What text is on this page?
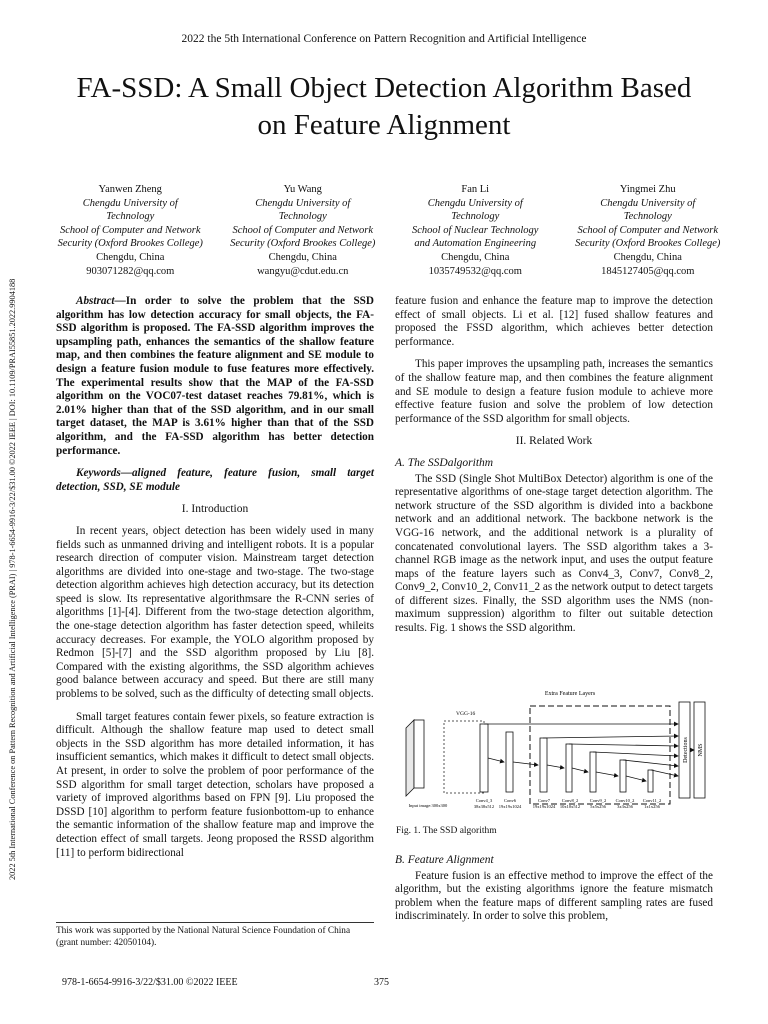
2022 the 5th International Conference on Pattern Recognition and Artificial Intelligence
FA-SSD: A Small Object Detection Algorithm Based
on Feature Alignment
Yanwen Zheng
Chengdu University of
Technology
School of Computer and Network
Security (Oxford Brookes College)
Chengdu, China
903071282@qq.com
Yu Wang
Chengdu University of
Technology
School of Computer and Network
Security (Oxford Brookes College)
Chengdu, China
wangyu@cdut.edu.cn
Fan Li
Chengdu University of
Technology
School of Nuclear Technology
and Automation Engineering
Chengdu, China
1035749532@qq.com
Yingmei Zhu
Chengdu University of
Technology
School of Computer and Network
Security (Oxford Brookes College)
Chengdu, China
1845127405@qq.com
2022 5th International Conference on Pattern Recognition and Artificial Intelligence (PRAI) | 978-1-6654-9916-3/22/$31.00 ©2022 IEEE | DOI: 10.1109/PRAI55851.2022.9904188	Abstract—In order to solve the problem that the SSD algorithm has low detection accuracy for small objects, the FA-SSD algorithm is proposed. The FA-SSD algorithm improves the upsampling path, enhances the semantics of the shallow feature map, and then combines the feature alignment and SE module to design a feature fusion module to fuse features more effectively. The experimental results show that the MAP of the FA-SSD algorithm on the VOC07-test dataset reaches 79.81%, which is 2.01% higher than that of the SSD algorithm, and in our small target dataset, the MAP is 3.61% higher than that of the SSD algorithm, and the FA-SSD algorithm has better detection performance.

Keywords—aligned feature, feature fusion, small target detection, SSD, SE module

I. Introduction

In recent years, object detection has been widely used in many fields such as unmanned driving and intelligent robots. It is a popular research direction of computer vision. Mainstream target detection algorithms are divided into one-stage and two-stage. The two-stage detection algorithm achieves high detection accuracy, but its detection speed is slow. Its representative algorithmsare the R-CNN series of algorithms [1]-[4]. Different from the two-stage detection algorithm, the one-stage detection algorithm has faster detection speed, whileits accuracy decreases. For example, the YOLO algorithm proposed by Redmon [5]-[7] and the SSD algorithm proposed by Liu [8]. Compared with the existing algorithms, the SSD algorithm achieves good balance between accuracy and speed. But there are still many problems to be solved, such as the difficulty of detecting small objects.

Small target features contain fewer pixels, so feature extraction is difficult. Although the shallow feature map used to detect small objects in the SSD algorithm has more detailed information, it has insufficient semantics, which makes it difficult to detect small objects. At present, in order to solve the problem of poor performance of the SSD algorithm for small target detection, scholars have proposed a variety of improved algorithms based on FPN [9]. Liu proposed the DSSD [10] algorithm to perform feature fusionbottom-up to enhance the semantic information of the shallow feature map and improve the detection effect of small targets. Jeong proposed the RSSD algorithm [11] to perform bidirectional

This work was supported by the National Natural Science Foundation of China (grant number: 42050104).

feature fusion and enhance the feature map to improve the detection effect of small objects. Li et al. [12] fused shallow features and proposed the FSSD algorithm, which achieves better detection performance.

This paper improves the upsampling path, increases the semantics of the shallow feature map, and then combines the feature alignment and SE module to design a feature fusion module to achieve more effective feature fusion and solve the problem of low detection performance of the SSD algorithm for small objects.

II. Related Work
A. The SSDalgorithm

The SSD (Single Shot MultiBox Detector) algorithm is one of the representative algorithms of one-stage target detection algorithm. The network structure of the SSD algorithm is divided into a backbone network and an additional network. The backbone network is the VGG-16 network, and the additional network is a plurality of concatenated convolutional layers. The SSD algorithm takes a 3-channel RGB image as the network input, and uses the output feature maps of the feature layers such as Conv4_3, Conv7, Conv8_2, Conv9_2, Conv10_2, Conv11_2 as the network output to detect targets of different sizes. Finally, the SSD algorithm uses the NMS (non-maximum suppression) algorithm to filter out suitable detection results. Fig. 1 shows the SSD algorithm.

Extra Feature Layers
VGG-16
Detections NMS
Input image:300x300
Conv4_3
38x38x512
Conv6
19x19x1024
Conv7
19x19x1024
Conv8_2
10x10x512
Conv9_2
5x5x256
Conv10_2
3x3x256
Conv11_2
1x1x256
Fig. 1. The SSD algorithm
B. Feature Alignment

Feature fusion is an effective method to improve the effect of the algorithm, but the existing algorithms ignore the feature mismatch problem when the feature maps of different sampling rates are fused indiscriminately. In order to solve this problem,

978-1-6654-9916-3/22/$31.00 ©2022 IEEE	375
